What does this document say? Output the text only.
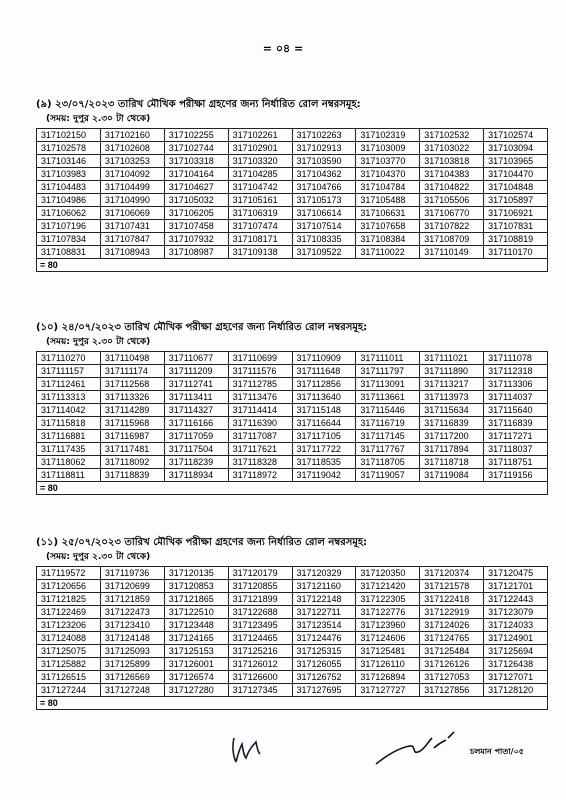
= ০৪ =
(৯) ২৩/০৭/২০২৩ তারিখ মৌখিক পরীক্ষা গ্রহণের জন্য নির্ধারিত রোল নম্বরসমূহ:
(সময়: দুপুর ২.৩০ টা থেকে)
317102150	317102160	317102255	317102261	317102263	317102319	317102532	317102574
317102578	317102608	317102744	317102901	317102913	317103009	317103022	317103094
317103146	317103253	317103318	317103320	317103590	317103770	317103818	317103965
317103983	317104092	317104164	317104285	317104362	317104370	317104383	317104470
317104483	317104499	317104627	317104742	317104766	317104784	317104822	317104848
317104986	317104990	317105032	317105161	317105173	317105488	317105506	317105897
317106062	317106069	317106205	317106319	317106614	317106631	317106770	317106921
317107196	317107431	317107458	317107474	317107514	317107658	317107822	317107831
317107834	317107847	317107932	317108171	317108335	317108384	317108709	317108819
317108831	317108943	317108987	317109138	317109522	317110022	317110149	317110170
= 80							
(১০) ২৪/০৭/২০২৩ তারিখ মৌখিক পরীক্ষা গ্রহণের জন্য নির্ধারিত রোল নম্বরসমূহ:
(সময়: দুপুর ২.৩০ টা থেকে)
317110270	317110498	317110677	317110699	317110909	317111011	317111021	317111078
317111157	317111174	317111209	317111576	317111648	317111797	317111890	317112318
317112461	317112568	317112741	317112785	317112856	317113091	317113217	317113306
317113313	317113326	317113411	317113476	317113640	317113661	317113973	317114037
317114042	317114289	317114327	317114414	317115148	317115446	317115634	317115640
317115818	317115968	317116166	317116390	317116644	317116719	317116839	317116839
317116881	317116987	317117059	317117087	317117105	317117145	317117200	317117271
317117435	317117481	317117504	317117621	317117722	317117767	317117894	317118037
317118062	317118092	317118239	317118328	317118535	317118705	317118718	317118751
317118811	317118839	317118934	317118972	317119042	317119057	317119084	317119156
= 80							
(১১) ২৫/০৭/২০২৩ তারিখ মৌখিক পরীক্ষা গ্রহণের জন্য নির্ধারিত রোল নম্বরসমূহ:
(সময়: দুপুর ২.৩০ টা থেকে)
317119572	317119736	317120135	317120179	317120329	317120350	317120374	317120475
317120656	317120699	317120853	317120855	317121160	317121420	317121578	317121701
317121825	317121859	317121865	317121899	317122148	317122305	317122418	317122443
317122469	317122473	317122510	317122688	317122711	317122776	317122919	317123079
317123206	317123410	317123448	317123495	317123514	317123960	317124026	317124033
317124088	317124148	317124165	317124465	317124476	317124606	317124765	317124901
317125075	317125093	317125153	317125216	317125315	317125481	317125484	317125694
317125882	317125899	317126001	317126012	317126055	317126110	317126126	317126438
317126515	317126569	317126574	317126600	317126752	317126894	317127053	317127071
317127244	317127248	317127280	317127345	317127695	317127727	317127856	317128120
= 80							
চলমান পাতা/০৫
